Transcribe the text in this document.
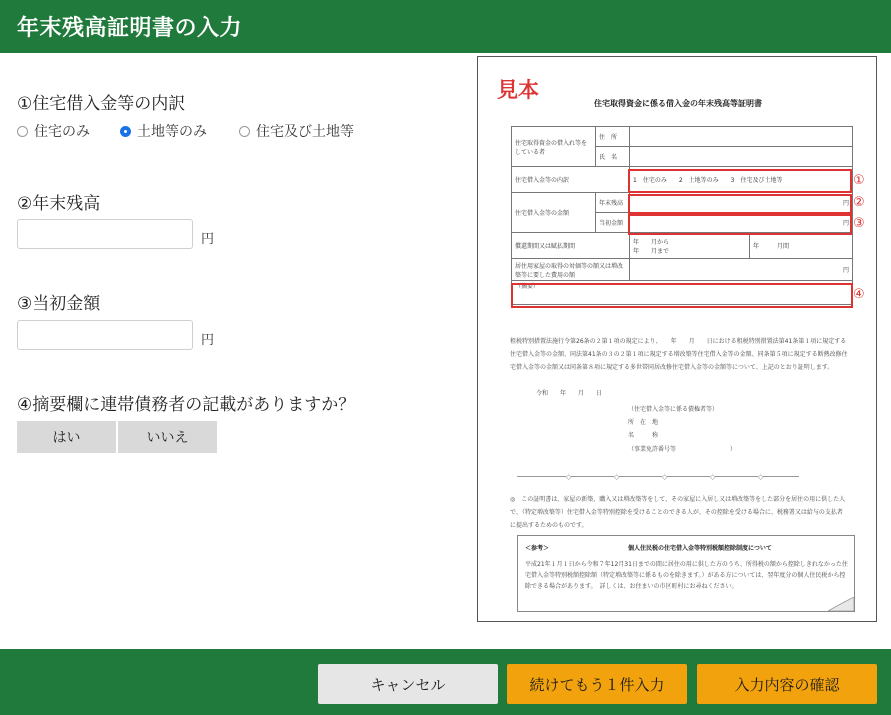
年末残高証明書の入力
①住宅借入金等の内訳
住宅のみ	土地等のみ	住宅及び土地等
②年末残高
円
③当初金額
円
④摘要欄に連帯債務者の記載がありますか？
はい	いいえ
見本
住宅取得資金に係る借入金の年末残高等証明書
住宅取得資金の借入れ等をしている者	住　所		
	氏　名		
住宅借入金等の内訳		1　住宅のみ　　2　土地等のみ　　3　住宅及び土地等	
住宅借入金等の金額	年末残高	円	
	当初金額	円	
償還期間又は賦払期間		年　　月から
年　　月まで	年　　　月間
居住用家屋の取得の対価等の額又は増改築等に要した費用の額		円	
（摘要）			
①
②
③
④
租税特別措置法施行令第26条の２第１項の規定により、　　年　　月　　日における租税特別措置法第41条第１項に規定する住宅借入金等の金額、同法第41条の３の２第１項に規定する増改築等住宅借入金等の金額、同条第５項に規定する断熱改修住宅借入金等の金額又は同条第８項に規定する多世帯同居改修住宅借入金等の金額等について、上記のとおり証明します。
令和　　年　　月　　日
（住宅借入金等に係る債権者等）
所　在　地
名　　　称
（事業免許番号等　　　　　　　　　）
◇	◇	◇	◇	◇
◎　この証明書は、家屋の新築、購入又は増改築等をして、その家屋に入居し又は増改築等をした部分を居住の用に供した人で、（特定増改築等）住宅借入金等特別控除を受けることのできる人が、その控除を受ける場合に、税務署又は給与の支払者に提出するためのものです。
＜参考＞	個人住民税の住宅借入金等特別税額控除制度について
平成21年１月１日から令和７年12月31日までの間に居住の用に供した方のうち、所得税の額から控除しきれなかった住宅借入金等特別税額控除額（特定増改築等に係るものを除きます。）がある方については、翌年度分の個人住民税から控除できる場合があります。　詳しくは、お住まいの市区町村にお尋ねください。
キャンセル	続けてもう１件入力	入力内容の確認
